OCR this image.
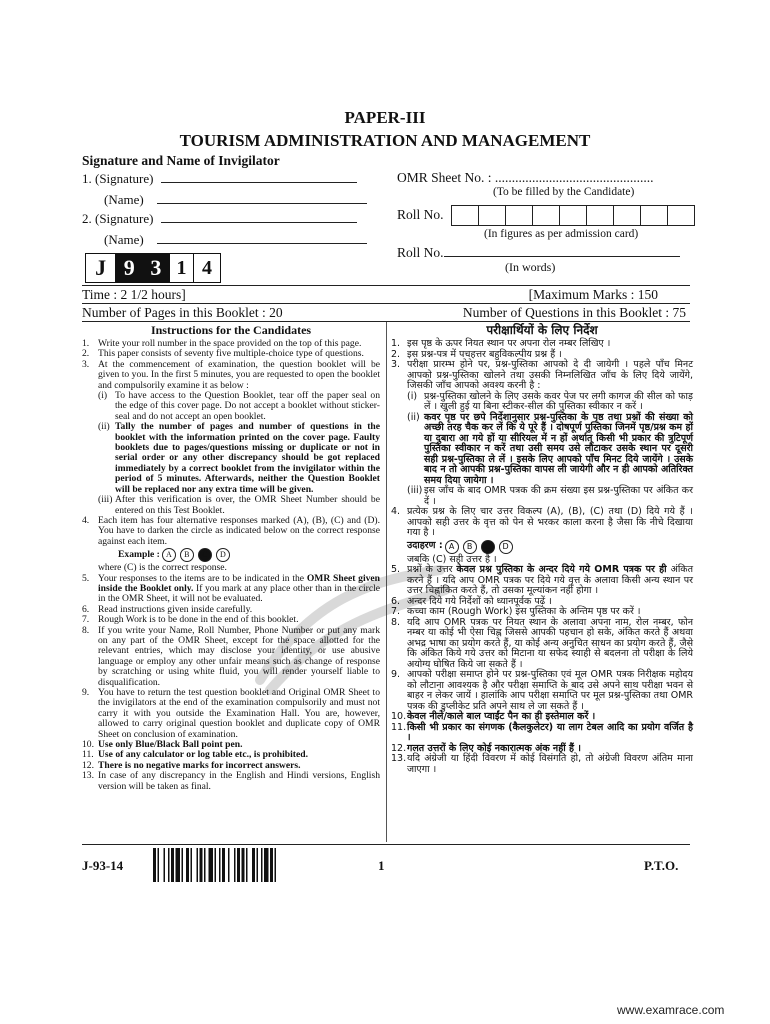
PAPER-III
TOURISM ADMINISTRATION AND MANAGEMENT
Signature and Name of Invigilator
1. (Signature)
(Name)
2. (Signature)
(Name)
OMR Sheet No. : ...............................................
(To be filled by the Candidate)
Roll No.
(In figures as per admission card)
Roll No.
(In words)
J 9 3 1 4
Time : 2 1/2 hours]	[Maximum Marks : 150
Number of Pages in this Booklet : 20	Number of Questions in this Booklet : 75
Instructions for the Candidates
1. Write your roll number in the space provided on the top of this page.
2. This paper consists of seventy five multiple-choice type of questions.
3. At the commencement of examination, the question booklet will be given to you. In the first 5 minutes, you are requested to open the booklet and compulsorily examine it as below :
(i) To have access to the Question Booklet, tear off the paper seal on the edge of this cover page. Do not accept a booklet without sticker-seal and do not accept an open booklet.
(ii) Tally the number of pages and number of questions in the booklet with the information printed on the cover page. Faulty booklets due to pages/questions missing or duplicate or not in serial order or any other discrepancy should be got replaced immediately by a correct booklet from the invigilator within the period of 5 minutes. Afterwards, neither the Question Booklet will be replaced nor any extra time will be given.
(iii) After this verification is over, the OMR Sheet Number should be entered on this Test Booklet.
4. Each item has four alternative responses marked (A), (B), (C) and (D). You have to darken the circle as indicated below on the correct response against each item.
Example : A	B	C	D
where (C) is the correct response.
5. Your responses to the items are to be indicated in the OMR Sheet given inside the Booklet only. If you mark at any place other than in the circle in the OMR Sheet, it will not be evaluated.
6. Read instructions given inside carefully.
7. Rough Work is to be done in the end of this booklet.
8. If you write your Name, Roll Number, Phone Number or put any mark on any part of the OMR Sheet, except for the space allotted for the relevant entries, which may disclose your identity, or use abusive language or employ any other unfair means such as change of response by scratching or using white fluid, you will render yourself liable to disqualification.
9. You have to return the test question booklet and Original OMR Sheet to the invigilators at the end of the examination compulsorily and must not carry it with you outside the Examination Hall. You are, however, allowed to carry original question booklet and duplicate copy of OMR Sheet on conclusion of examination.
10. Use only Blue/Black Ball point pen.
11. Use of any calculator or log table etc., is prohibited.
12. There is no negative marks for incorrect answers.
13. In case of any discrepancy in the English and Hindi versions, English version will be taken as final.
परीक्षार्थियों के लिए निर्देश
1. इस पृष्ठ के ऊपर नियत स्थान पर अपना रोल नम्बर लिखिए ।
2. इस प्रश्न-पत्र में पचहत्तर बहुविकल्पीय प्रश्न हैं ।
3. परीक्षा प्रारम्भ होने पर, प्रश्न-पुस्तिका आपको दे दी जायेगी । पहले पाँच मिनट आपको प्रश्न-पुस्तिका खोलने तथा उसकी निम्नलिखित जाँच के लिए दिये जायेंगे, जिसकी जाँच आपको अवश्य करनी है :
(i) प्रश्न-पुस्तिका खोलने के लिए उसके कवर पेज पर लगी कागज की सील को फाड़ लें । खुली हुई या बिना स्टीकर-सील की पुस्तिका स्वीकार न करें ।
(ii) कवर पृष्ठ पर छपे निर्देशानुसार प्रश्न-पुस्तिका के पृष्ठ तथा प्रश्नों की संख्या को अच्छी तरह चैक कर लें कि ये पूरे हैं । दोषपूर्ण पुस्तिका जिनमें पृष्ठ/प्रश्न कम हों या दुबारा आ गये हों या सीरियल में न हों अर्थात् किसी भी प्रकार की त्रुटिपूर्ण पुस्तिका स्वीकार न करें तथा उसी समय उसे लौटाकर उसके स्थान पर दूसरी सही प्रश्न-पुस्तिका ले लें । इसके लिए आपको पाँच मिनट दिये जायेंगे । उसके बाद न तो आपकी प्रश्न-पुस्तिका वापस ली जायेगी और न ही आपको अतिरिक्त समय दिया जायेगा ।
(iii) इस जाँच के बाद OMR पत्रक की क्रम संख्या इस प्रश्न-पुस्तिका पर अंकित कर दें ।
4. प्रत्येक प्रश्न के लिए चार उत्तर विकल्प (A), (B), (C) तथा (D) दिये गये हैं । आपको सही उत्तर के वृत्त को पेन से भरकर काला करना है जैसा कि नीचे दिखाया गया है ।
उदाहरण : A	B	C	D
जबकि (C) सही उत्तर है ।
5. प्रश्नों के उत्तर केवल प्रश्न पुस्तिका के अन्दर दिये गये OMR पत्रक पर ही अंकित करने हैं । यदि आप OMR पत्रक पर दिये गये वृत्त के अलावा किसी अन्य स्थान पर उत्तर चिह्नांकित करते हैं, तो उसका मूल्यांकन नहीं होगा ।
6. अन्दर दिये गये निर्देशों को ध्यानपूर्वक पढ़ें ।
7. कच्चा काम (Rough Work) इस पुस्तिका के अन्तिम पृष्ठ पर करें ।
8. यदि आप OMR पत्रक पर नियत स्थान के अलावा अपना नाम, रोल नम्बर, फोन नम्बर या कोई भी ऐसा चिह्न जिससे आपकी पहचान हो सके, अंकित करते हैं अथवा अभद्र भाषा का प्रयोग करते हैं, या कोई अन्य अनुचित साधन का प्रयोग करते हैं, जैसे कि अंकित किये गये उत्तर को मिटाना या सफेद स्याही से बदलना तो परीक्षा के लिये अयोग्य घोषित किये जा सकते हैं ।
9. आपको परीक्षा समाप्त होने पर प्रश्न-पुस्तिका एवं मूल OMR पत्रक निरीक्षक महोदय को लौटाना आवश्यक है और परीक्षा समाप्ति के बाद उसे अपने साथ परीक्षा भवन से बाहर न लेकर जायें । हालांकि आप परीक्षा समाप्ति पर मूल प्रश्न-पुस्तिका तथा OMR पत्रक की डुप्लीकेट प्रति अपने साथ ले जा सकते हैं ।
10. केवल नीले/काले बाल प्वाईंट पैन का ही इस्तेमाल करें ।
11. किसी भी प्रकार का संगणक (कैलकुलेटर) या लाग टेबल आदि का प्रयोग वर्जित है ।
12. गलत उत्तरों के लिए कोई नकारात्मक अंक नहीं हैं ।
13. यदि अंग्रेजी या हिंदी विवरण में कोई विसंगति हो, तो अंग्रेजी विवरण अंतिम माना जाएगा ।
J-93-14	1	P.T.O.
www.examrace.com
